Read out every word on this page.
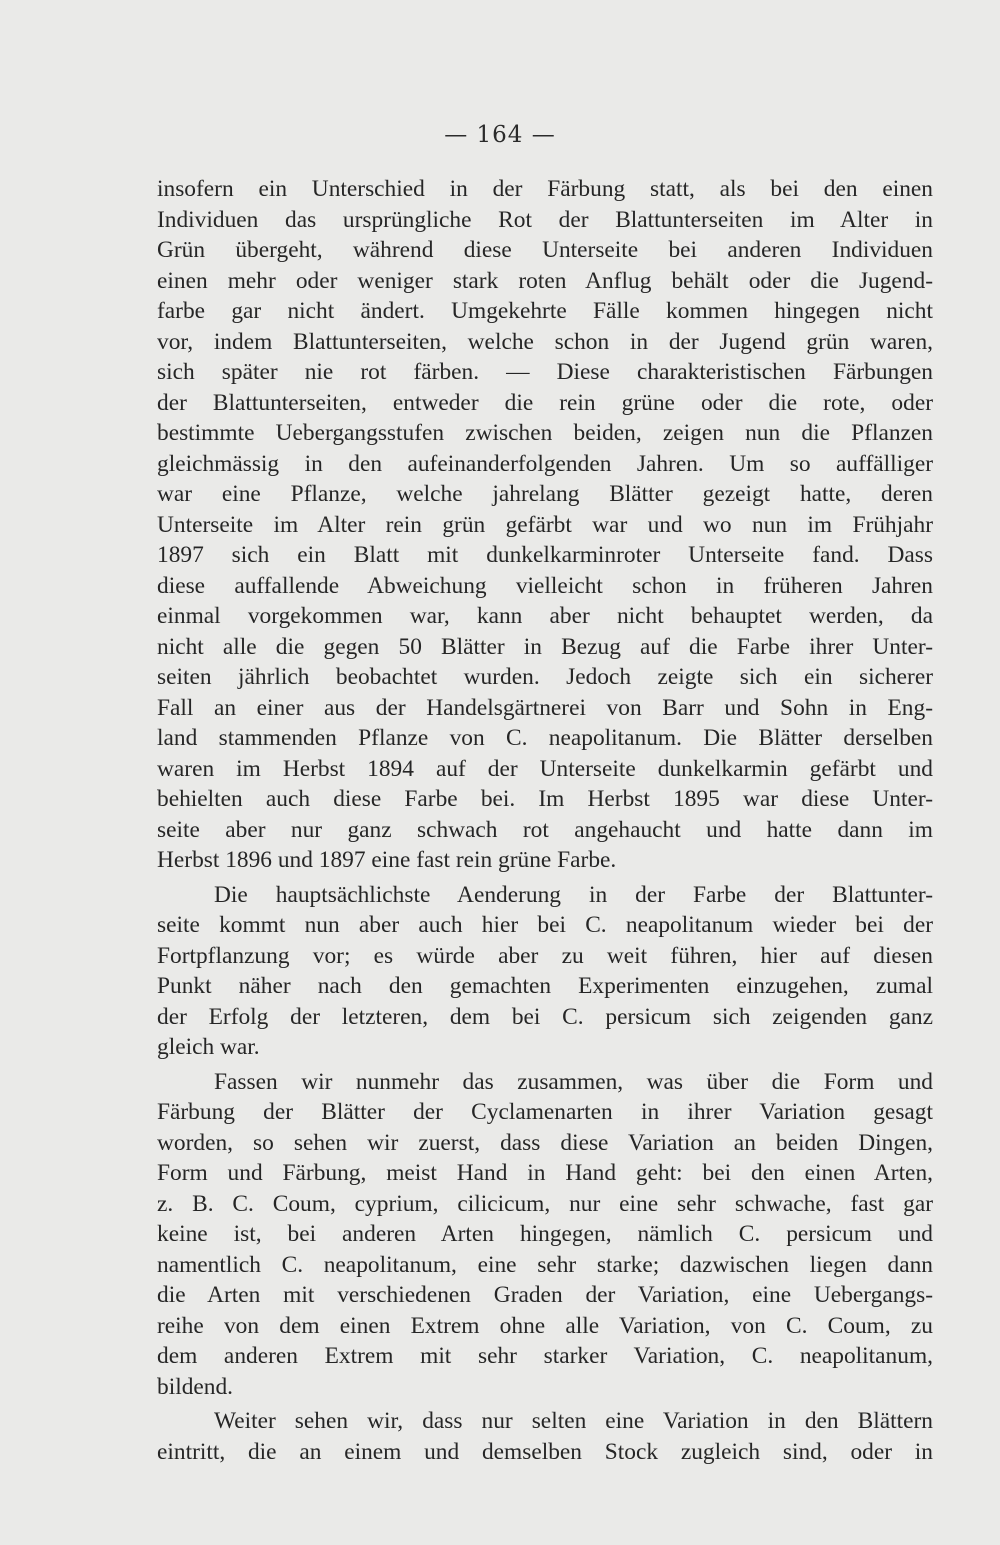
— 164 —
insofern ein Unterschied in der Färbung statt, als bei den einen
Individuen das ursprüngliche Rot der Blattunterseiten im Alter in
Grün übergeht, während diese Unterseite bei anderen Individuen
einen mehr oder weniger stark roten Anflug behält oder die Jugend-
farbe gar nicht ändert. Umgekehrte Fälle kommen hingegen nicht
vor, indem Blattunterseiten, welche schon in der Jugend grün waren,
sich später nie rot färben. — Diese charakteristischen Färbungen
der Blattunterseiten, entweder die rein grüne oder die rote, oder
bestimmte Uebergangsstufen zwischen beiden, zeigen nun die Pflanzen
gleichmässig in den aufeinanderfolgenden Jahren. Um so auffälliger
war eine Pflanze, welche jahrelang Blätter gezeigt hatte, deren
Unterseite im Alter rein grün gefärbt war und wo nun im Frühjahr
1897 sich ein Blatt mit dunkelkarminroter Unterseite fand. Dass
diese auffallende Abweichung vielleicht schon in früheren Jahren
einmal vorgekommen war, kann aber nicht behauptet werden, da
nicht alle die gegen 50 Blätter in Bezug auf die Farbe ihrer Unter-
seiten jährlich beobachtet wurden. Jedoch zeigte sich ein sicherer
Fall an einer aus der Handelsgärtnerei von Barr und Sohn in Eng-
land stammenden Pflanze von C. neapolitanum. Die Blätter derselben
waren im Herbst 1894 auf der Unterseite dunkelkarmin gefärbt und
behielten auch diese Farbe bei. Im Herbst 1895 war diese Unter-
seite aber nur ganz schwach rot angehaucht und hatte dann im
Herbst 1896 und 1897 eine fast rein grüne Farbe.
Die hauptsächlichste Aenderung in der Farbe der Blattunter-
seite kommt nun aber auch hier bei C. neapolitanum wieder bei der
Fortpflanzung vor; es würde aber zu weit führen, hier auf diesen
Punkt näher nach den gemachten Experimenten einzugehen, zumal
der Erfolg der letzteren, dem bei C. persicum sich zeigenden ganz
gleich war.
Fassen wir nunmehr das zusammen, was über die Form und
Färbung der Blätter der Cyclamenarten in ihrer Variation gesagt
worden, so sehen wir zuerst, dass diese Variation an beiden Dingen,
Form und Färbung, meist Hand in Hand geht: bei den einen Arten,
z. B. C. Coum, cyprium, cilicicum, nur eine sehr schwache, fast gar
keine ist, bei anderen Arten hingegen, nämlich C. persicum und
namentlich C. neapolitanum, eine sehr starke; dazwischen liegen dann
die Arten mit verschiedenen Graden der Variation, eine Uebergangs-
reihe von dem einen Extrem ohne alle Variation, von C. Coum, zu
dem anderen Extrem mit sehr starker Variation, C. neapolitanum,
bildend.
Weiter sehen wir, dass nur selten eine Variation in den Blättern
eintritt, die an einem und demselben Stock zugleich sind, oder in
